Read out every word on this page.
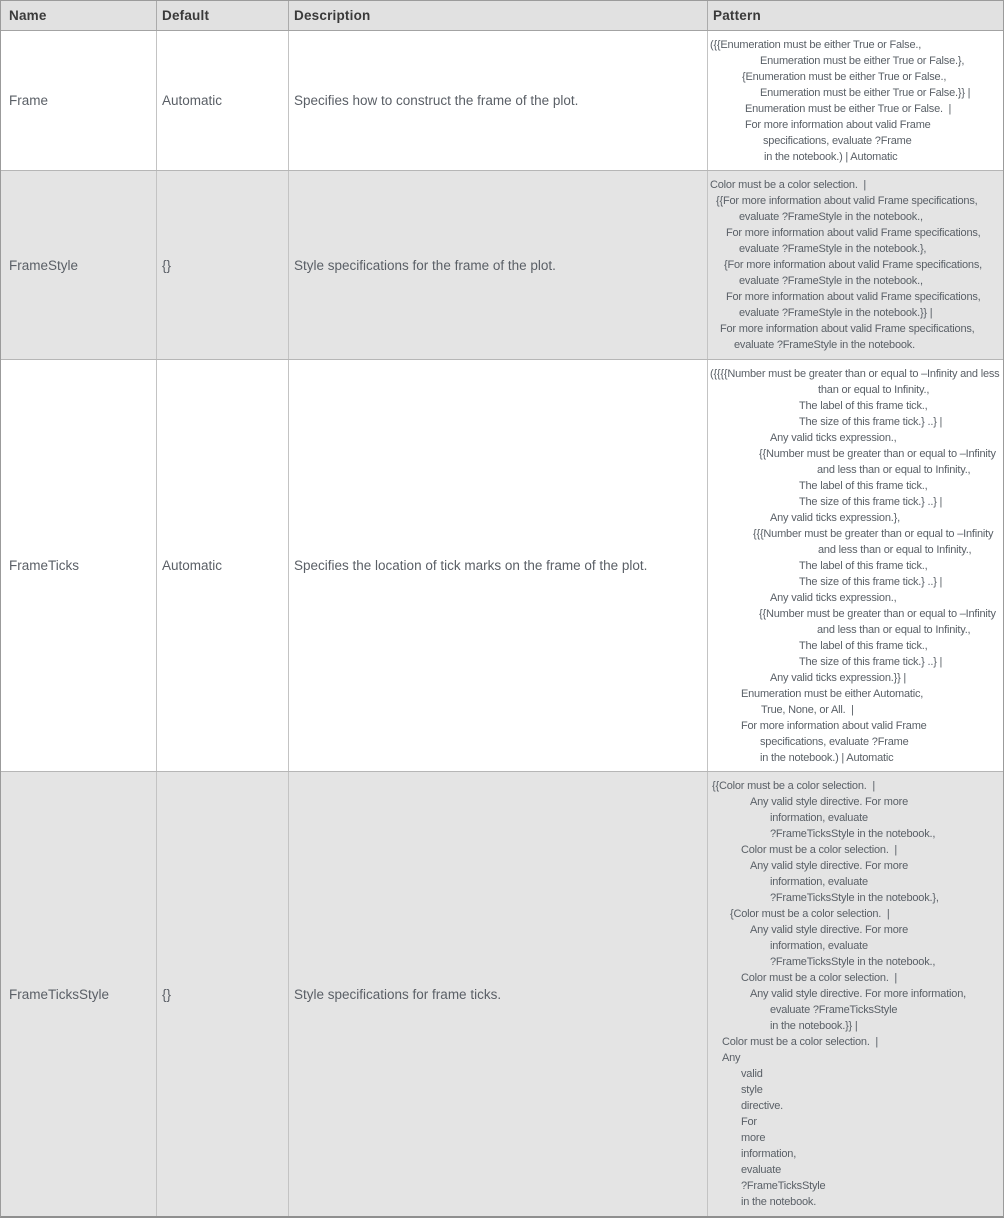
Name	Default	Description	Pattern
Frame	Automatic	Specifies how to construct the frame of the plot.
({{Enumeration must be either True or False.,
Enumeration must be either True or False.},
{Enumeration must be either True or False.,
Enumeration must be either True or False.}} |
Enumeration must be either True or False.  |
For more information about valid Frame
specifications, evaluate ?Frame
in the notebook.) | Automatic
FrameStyle	{}	Style specifications for the frame of the plot.
Color must be a color selection.  |
{{For more information about valid Frame specifications,
evaluate ?FrameStyle in the notebook.,
For more information about valid Frame specifications,
evaluate ?FrameStyle in the notebook.},
{For more information about valid Frame specifications,
evaluate ?FrameStyle in the notebook.,
For more information about valid Frame specifications,
evaluate ?FrameStyle in the notebook.}} |
For more information about valid Frame specifications,
evaluate ?FrameStyle in the notebook.
FrameTicks	Automatic	Specifies the location of tick marks on the frame of the plot.
({{{{Number must be greater than or equal to –Infinity and less
than or equal to Infinity.,
The label of this frame tick.,
The size of this frame tick.} ..} |
Any valid ticks expression.,
{{Number must be greater than or equal to –Infinity
and less than or equal to Infinity.,
The label of this frame tick.,
The size of this frame tick.} ..} |
Any valid ticks expression.},
{{{Number must be greater than or equal to –Infinity
and less than or equal to Infinity.,
The label of this frame tick.,
The size of this frame tick.} ..} |
Any valid ticks expression.,
{{Number must be greater than or equal to –Infinity
and less than or equal to Infinity.,
The label of this frame tick.,
The size of this frame tick.} ..} |
Any valid ticks expression.}} |
Enumeration must be either Automatic,
True, None, or All.  |
For more information about valid Frame
specifications, evaluate ?Frame
in the notebook.) | Automatic
FrameTicksStyle	{}	Style specifications for frame ticks.
{{Color must be a color selection.  |
Any valid style directive. For more
information, evaluate
?FrameTicksStyle in the notebook.,
Color must be a color selection.  |
Any valid style directive. For more
information, evaluate
?FrameTicksStyle in the notebook.},
{Color must be a color selection.  |
Any valid style directive. For more
information, evaluate
?FrameTicksStyle in the notebook.,
Color must be a color selection.  |
Any valid style directive. For more information,
evaluate ?FrameTicksStyle
in the notebook.}} |
Color must be a color selection.  |
Any
valid
style
directive.
For
more
information,
evaluate
?FrameTicksStyle
in the notebook.
